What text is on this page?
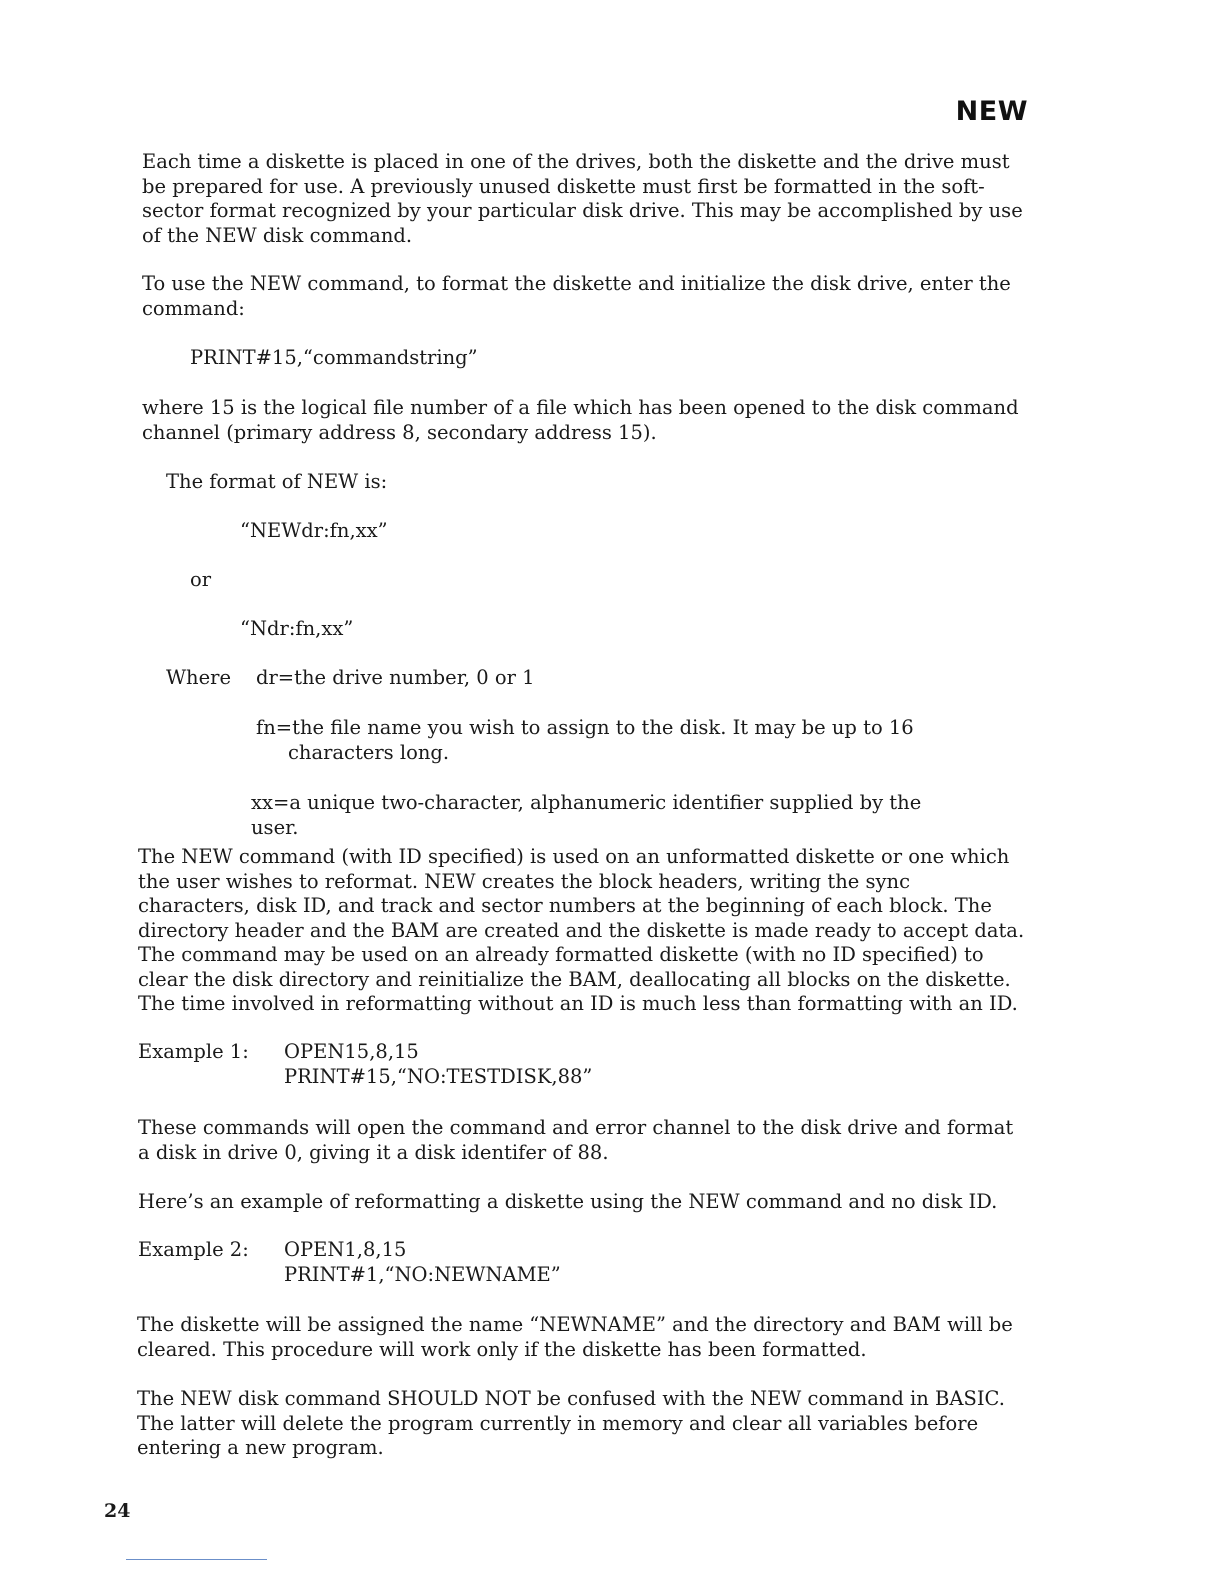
NEW

Each time a diskette is placed in one of the drives, both the diskette and the drive must be prepared for use. A previously unused diskette must first be formatted in the soft-sector format recognized by your particular disk drive. This may be accomplished by use of the NEW disk command.

To use the NEW command, to format the diskette and initialize the disk drive, enter the command:

PRINT#15,“commandstring”

where 15 is the logical file number of a file which has been opened to the disk command channel (primary address 8, secondary address 15).

The format of NEW is:
“NEWdr:fn,xx”
or
“Ndr:fn,xx”
Where dr=the drive number, 0 or 1

fn=the file name you wish to assign to the disk. It may be up to 16 characters long.

xx=a unique two-character, alphanumeric identifier supplied by the user.

The NEW command (with ID specified) is used on an unformatted diskette or one which the user wishes to reformat. NEW creates the block headers, writing the sync characters, disk ID, and track and sector numbers at the beginning of each block. The directory header and the BAM are created and the diskette is made ready to accept data. The command may be used on an already formatted diskette (with no ID specified) to clear the disk directory and reinitialize the BAM, deallocating all blocks on the diskette. The time involved in reformatting without an ID is much less than formatting with an ID.

Example 1: OPEN15,8,15
PRINT#15,“NO:TESTDISK,88”

These commands will open the command and error channel to the disk drive and format a disk in drive 0, giving it a disk identifer of 88.

Here’s an example of reformatting a diskette using the NEW command and no disk ID.

Example 2: OPEN1,8,15
PRINT#1,“NO:NEWNAME”

The diskette will be assigned the name “NEWNAME” and the directory and BAM will be cleared. This procedure will work only if the diskette has been formatted.

The NEW disk command SHOULD NOT be confused with the NEW command in BASIC. The latter will delete the program currently in memory and clear all variables before entering a new program.

24
